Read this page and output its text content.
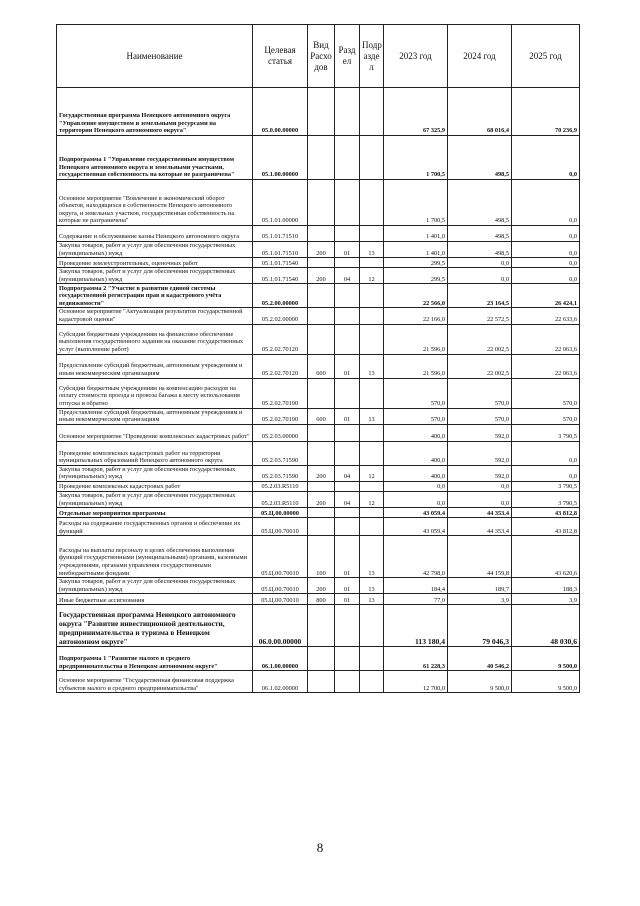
Наименование	Целевая статья	Вид Расхо дов	Разд ел	Подр азде л	2023 год	2024 год	2025 год
Государственная программа Ненецкого автономного округа "Управление имуществом и земельными ресурсами на территории Ненецкого автономного округа"	05.0.00.00000				67 325,9	68 016,4	70 236,9
Подпрограмма 1 "Управление государственным имуществом Ненецкого автономного округа и земельными участками, государственная собственность на которые не разграничена"	05.1.00.00000				1 700,5	498,5	0,0
Основное мероприятие "Вовлечение в экономический оборот объектов, находящихся в собственности Ненецкого автономного округа, и земельных участков, государственная собственность на которые не разграничена"	05.1.01.00000				1 700,5	498,5	0,0
Содержание и обслуживание казны Ненецкого автономного округа	05.1.01.71510				1 401,0	498,5	0,0
Закупка товаров, работ и услуг для обеспечения государственных (муниципальных) нужд	05.1.01.71510	200	01	13	1 401,0	498,5	0,0
Проведение землеустроительных, оценочных работ	05.1.01.71540				299,5	0,0	0,0
Закупка товаров, работ и услуг для обеспечения государственных (муниципальных) нужд	05.1.01.71540	200	04	12	299,5	0,0	0,0
Подпрограмма 2 "Участие в развитии единой системы государственной регистрации прав и кадастрового учёта недвижимости"	05.2.00.00000				22 566,0	23 164,5	26 424,1
Основное мероприятие "Актуализация результатов государственной кадастровой оценки"	05.2.02.00000				22 166,0	22 572,5	22 633,6
Субсидии бюджетным учреждениям на финансовое обеспечение выполнения государственного задания на оказание государственных услуг (выполнение работ)	05.2.02.70120				21 596,0	22 002,5	22 063,6
Предоставление субсидий бюджетным, автономным учреждениям и иным некоммерческим организациям	05.2.02.70120	600	01	13	21 596,0	22 002,5	22 063,6
Субсидии бюджетным учреждениям на компенсацию расходов на оплату стоимости проезда и провоза багажа к месту использования отпуска и обратно	05.2.02.70190				570,0	570,0	570,0
Предоставление субсидий бюджетным, автономным учреждениям и иным некоммерческим организациям	05.2.02.70190	600	01	13	570,0	570,0	570,0
Основное мероприятие "Проведение комплексных кадастровых работ"	05.2.03.00000				400,0	592,0	3 790,5
Проведение комплексных кадастровых работ на территории муниципальных образований Ненецкого автономного округа	05.2.03.71590				400,0	592,0	0,0
Закупка товаров, работ и услуг для обеспечения государственных (муниципальных) нужд	05.2.03.71590	200	04	12	400,0	592,0	0,0
Проведение комплексных кадастровых работ	05.2.03.R5110				0,0	0,0	3 790,5
Закупка товаров, работ и услуг для обеспечения государственных (муниципальных) нужд	05.2.03.R5110	200	04	12	0,0	0,0	3 790,5
Отдельные мероприятия программы	05.Ц.00.00000				43 059,4	44 353,4	43 812,8
Расходы на содержание государственных органов и обеспечение их функций	05.Ц.00.70010				43 059,4	44 353,4	43 812,8
Расходы на выплаты персоналу в целях обеспечения выполнения функций государственными (муниципальными) органами, казенными учреждениями, органами управления государственными внебюджетными фондами	05.Ц.00.70010	100	01	13	42 798,0	44 159,8	43 620,6
Закупка товаров, работ и услуг для обеспечения государственных (муниципальных) нужд	05.Ц.00.70010	200	01	13	184,4	189,7	188,3
Иные бюджетные ассигнования	05.Ц.00.70010	800	01	13	77,0	3,9	3,9
Государственная программа Ненецкого автономного округа "Развитие инвестиционной деятельности, предпринимательства и туризма в Ненецком автономном округе"	06.0.00.00000				113 180,4	79 046,3	48 030,6
Подпрограмма 1 "Развитие малого и среднего предпринимательства в Ненецком автономном округе"	06.1.00.00000				61 228,3	40 546,2	9 500,0
Основное мероприятие "Государственная финансовая поддержка субъектов малого и среднего предпринимательства"	06.1.02.00000				12 700,0	9 500,0	9 500,0
8
